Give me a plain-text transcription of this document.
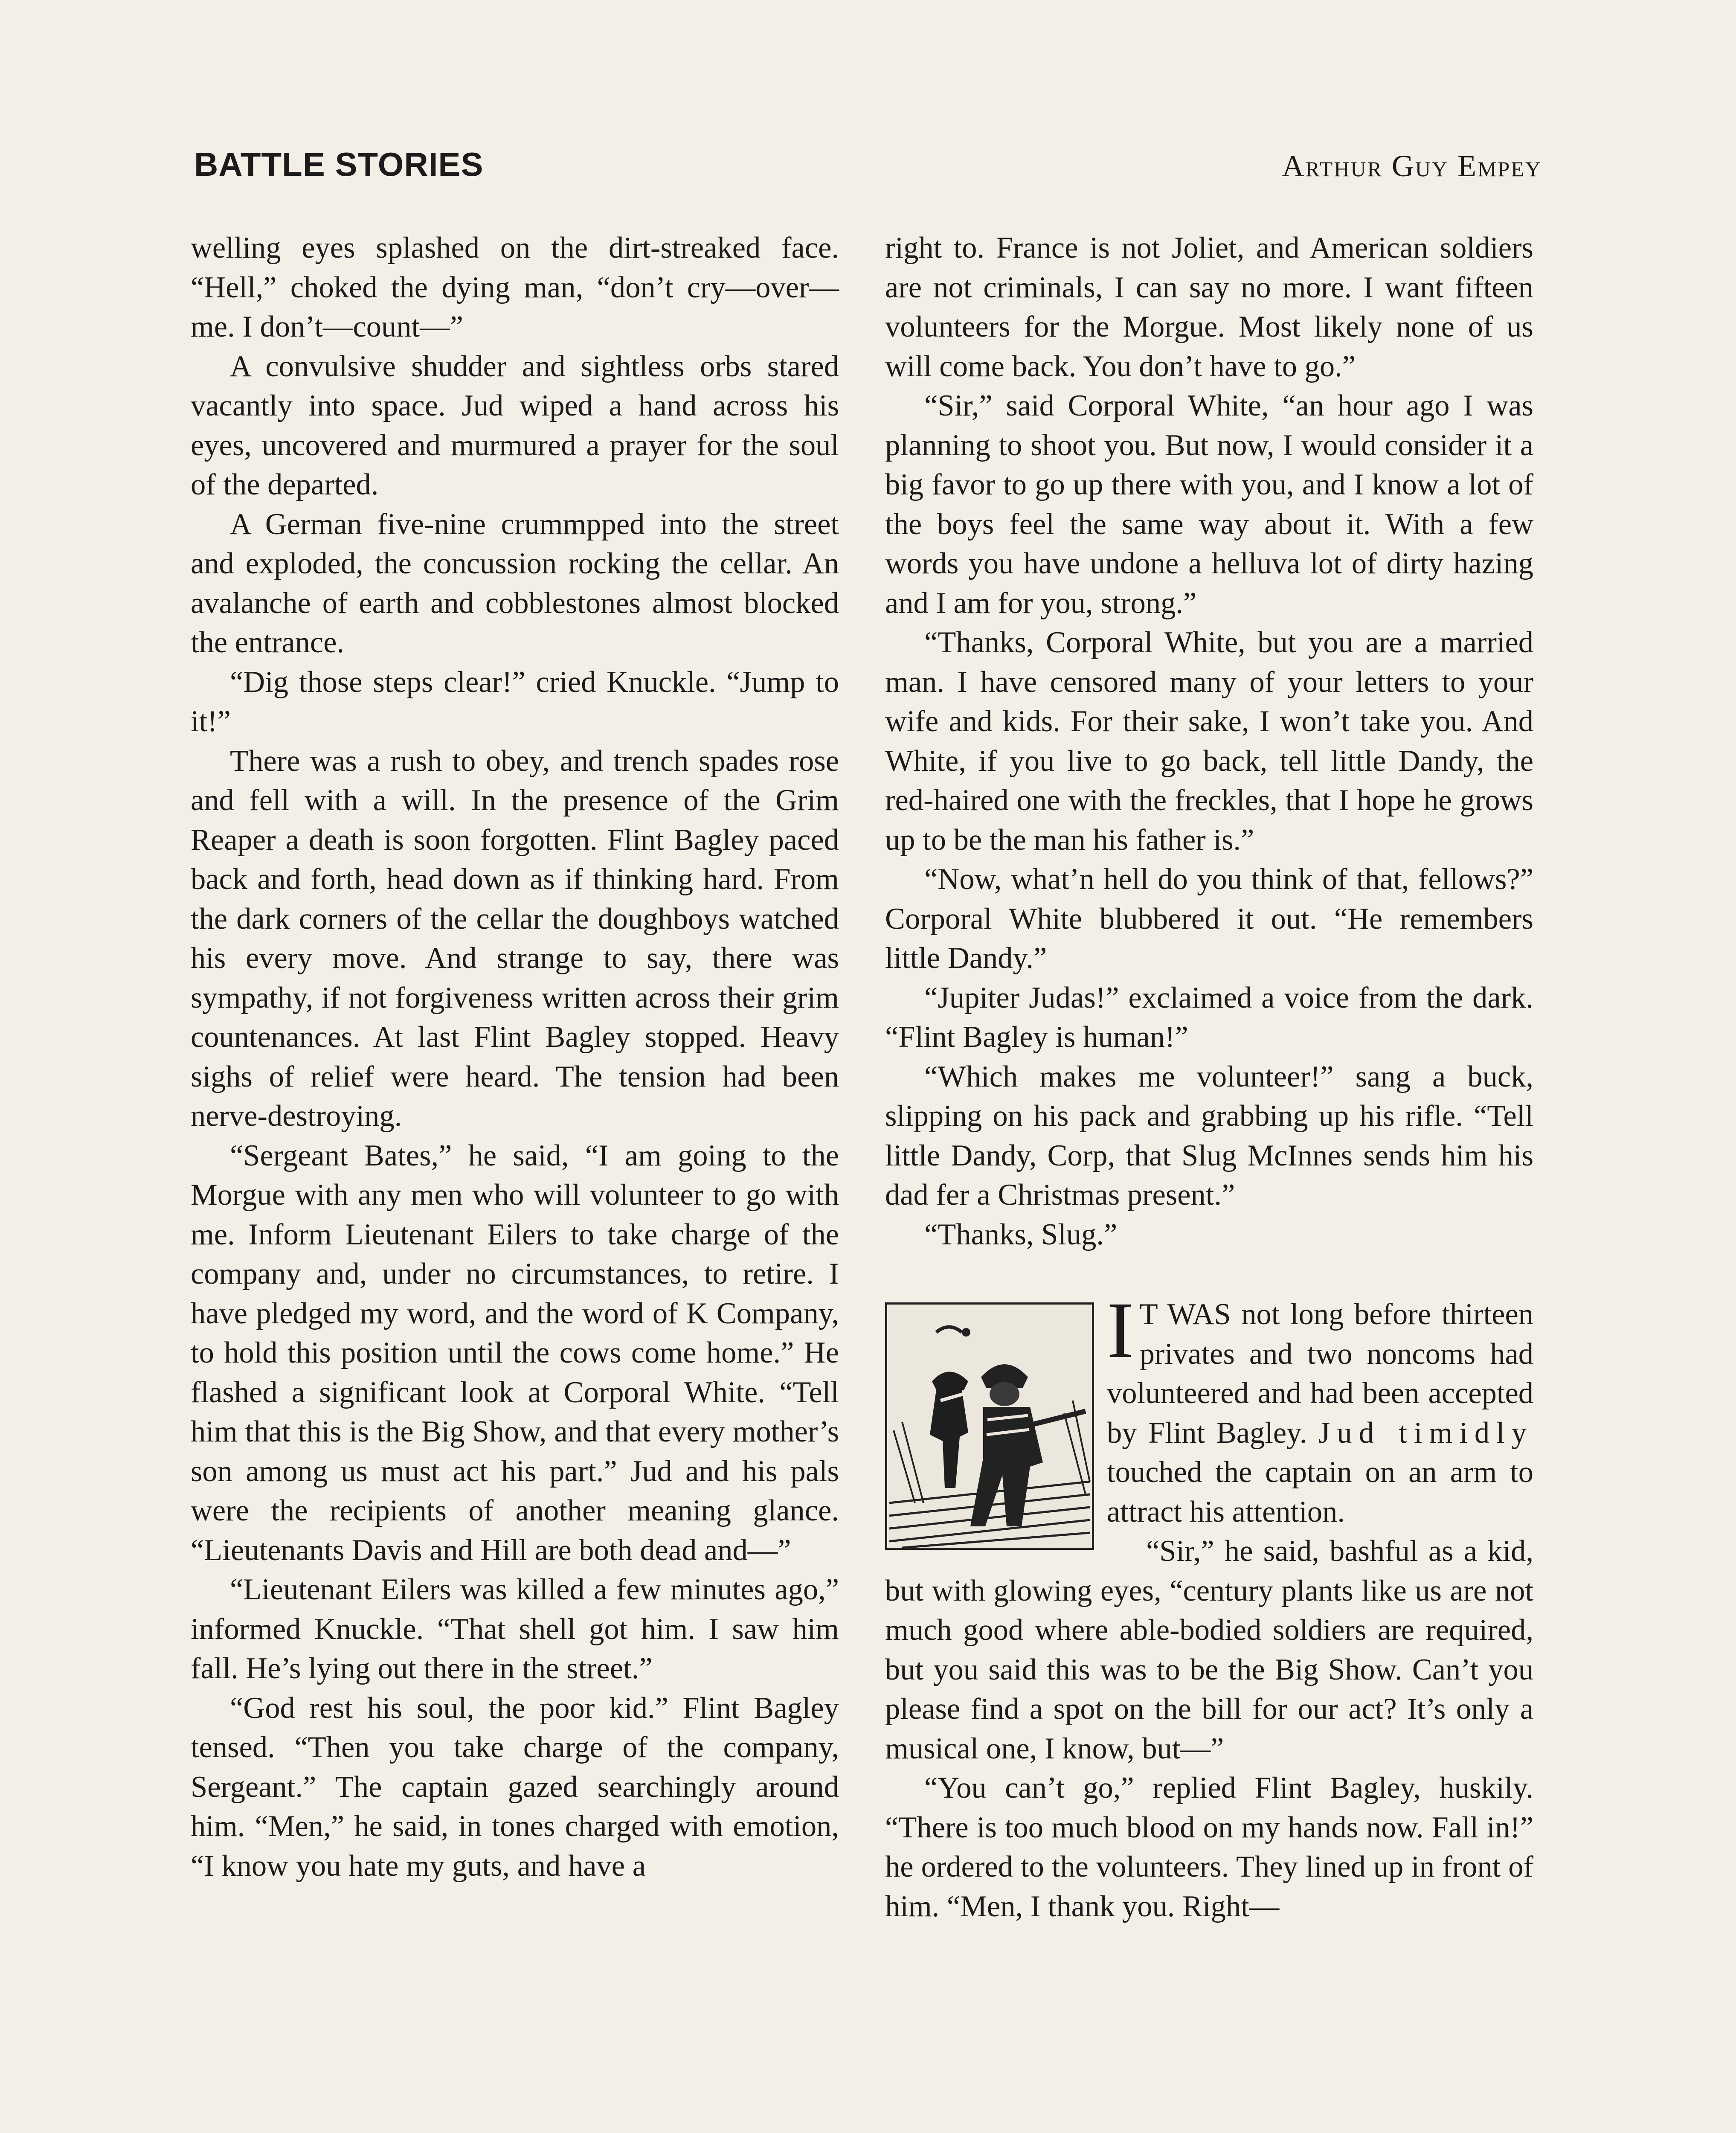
BATTLE STORIES	Arthur Guy Empey

welling eyes splashed on the dirt-streaked face. “Hell,” choked the dying man, “don’t cry—over—me. I don’t—count—”

A convulsive shudder and sightless orbs stared vacantly into space. Jud wiped a hand across his eyes, uncovered and murmured a prayer for the soul of the departed.

A German five-nine crummpped into the street and exploded, the concussion rocking the cellar. An avalanche of earth and cobblestones almost blocked the entrance.

“Dig those steps clear!” cried Knuckle. “Jump to it!”

There was a rush to obey, and trench spades rose and fell with a will. In the presence of the Grim Reaper a death is soon forgotten. Flint Bagley paced back and forth, head down as if thinking hard. From the dark corners of the cellar the doughboys watched his every move. And strange to say, there was sympathy, if not forgiveness written across their grim countenances. At last Flint Bagley stopped. Heavy sighs of relief were heard. The tension had been nerve-destroying.

“Sergeant Bates,” he said, “I am going to the Morgue with any men who will volunteer to go with me. Inform Lieutenant Eilers to take charge of the company and, under no circumstances, to retire. I have pledged my word, and the word of K Company, to hold this position until the cows come home.” He flashed a significant look at Corporal White. “Tell him that this is the Big Show, and that every mother’s son among us must act his part.” Jud and his pals were the recipients of another meaning glance. “Lieutenants Davis and Hill are both dead and—”

“Lieutenant Eilers was killed a few minutes ago,” informed Knuckle. “That shell got him. I saw him fall. He’s lying out there in the street.”

“God rest his soul, the poor kid.” Flint Bagley tensed. “Then you take charge of the company, Sergeant.” The captain gazed searchingly around him. “Men,” he said, in tones charged with emotion, “I know you hate my guts, and have a

right to. France is not Joliet, and American soldiers are not criminals, I can say no more. I want fifteen volunteers for the Morgue. Most likely none of us will come back. You don’t have to go.”

“Sir,” said Corporal White, “an hour ago I was planning to shoot you. But now, I would consider it a big favor to go up there with you, and I know a lot of the boys feel the same way about it. With a few words you have undone a helluva lot of dirty hazing and I am for you, strong.”

“Thanks, Corporal White, but you are a married man. I have censored many of your letters to your wife and kids. For their sake, I won’t take you. And White, if you live to go back, tell little Dandy, the red-haired one with the freckles, that I hope he grows up to be the man his father is.”

“Now, what’n hell do you think of that, fellows?” Corporal White blubbered it out. “He remembers little Dandy.”

“Jupiter Judas!” exclaimed a voice from the dark. “Flint Bagley is human!”

“Which makes me volunteer!” sang a buck, slipping on his pack and grabbing up his rifle. “Tell little Dandy, Corp, that Slug McInnes sends him his dad fer a Christmas present.”

“Thanks, Slug.”

I T WAS not long before thirteen privates and two noncoms had volunteered and had been accepted by Flint Bagley. Jud timidly touched the captain on an arm to attract his attention.

“Sir,” he said, bashful as a kid, but with glowing eyes, “century plants like us are not much good where able-bodied soldiers are required, but you said this was to be the Big Show. Can’t you please find a spot on the bill for our act? It’s only a musical one, I know, but—”

“You can’t go,” replied Flint Bagley, huskily. “There is too much blood on my hands now. Fall in!” he ordered to the volunteers. They lined up in front of him. “Men, I thank you. Right—
